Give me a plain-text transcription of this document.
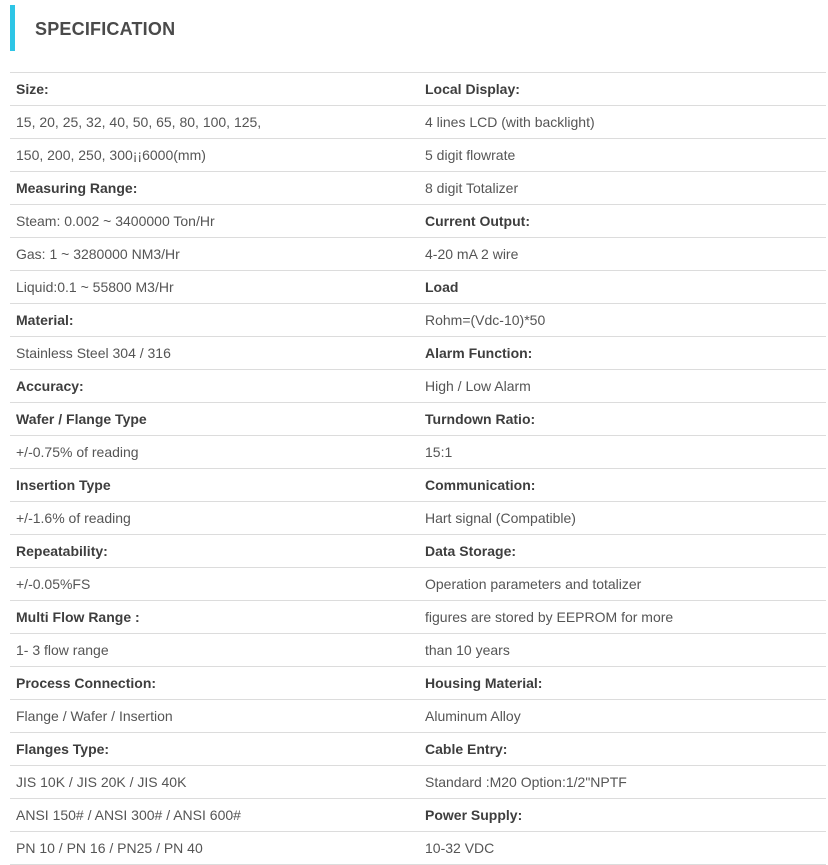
SPECIFICATION
Size:	Local Display:
15, 20, 25, 32, 40, 50, 65, 80, 100, 125,	4 lines LCD (with backlight)
150, 200, 250, 300¡¡6000(mm)	5 digit flowrate
Measuring Range:	8 digit Totalizer
Steam: 0.002 ~ 3400000 Ton/Hr	Current Output:
Gas: 1 ~ 3280000 NM3/Hr	4-20 mA 2 wire
Liquid:0.1 ~ 55800 M3/Hr	Load
Material:	Rohm=(Vdc-10)*50
Stainless Steel 304 / 316	Alarm Function:
Accuracy:	High / Low Alarm
Wafer / Flange Type	Turndown Ratio:
+/-0.75% of reading	15:1
Insertion Type	Communication:
+/-1.6% of reading	Hart signal (Compatible)
Repeatability:	Data Storage:
+/-0.05%FS	Operation parameters and totalizer
Multi Flow Range :	figures are stored by EEPROM for more
1- 3 flow range	than 10 years
Process Connection:	Housing Material:
Flange / Wafer / Insertion	Aluminum Alloy
Flanges Type:	Cable Entry:
JIS 10K / JIS 20K / JIS 40K	Standard :M20 Option:1/2"NPTF
ANSI 150# / ANSI 300# / ANSI 600#	Power Supply:
PN 10 / PN 16 / PN25 / PN 40	10-32 VDC
